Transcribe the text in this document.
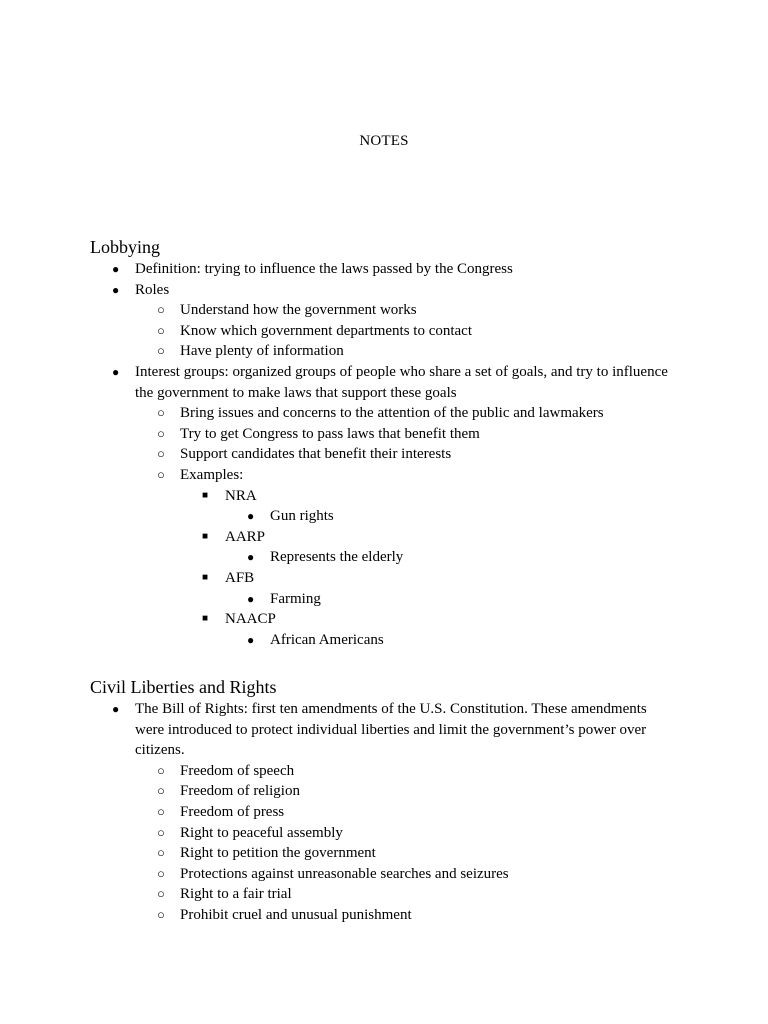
NOTES
Lobbying
● Definition: trying to influence the laws passed by the Congress
● Roles
○ Understand how the government works
○ Know which government departments to contact
○ Have plenty of information
● Interest groups: organized groups of people who share a set of goals, and try to influence the government to make laws that support these goals
○ Bring issues and concerns to the attention of the public and lawmakers
○ Try to get Congress to pass laws that benefit them
○ Support candidates that benefit their interests
○ Examples:
■ NRA
● Gun rights
■ AARP
● Represents the elderly
■ AFB
● Farming
■ NAACP
● African Americans
Civil Liberties and Rights
● The Bill of Rights: first ten amendments of the U.S. Constitution. These amendments were introduced to protect individual liberties and limit the government’s power over citizens.
○ Freedom of speech
○ Freedom of religion
○ Freedom of press
○ Right to peaceful assembly
○ Right to petition the government
○ Protections against unreasonable searches and seizures
○ Right to a fair trial
○ Prohibit cruel and unusual punishment
